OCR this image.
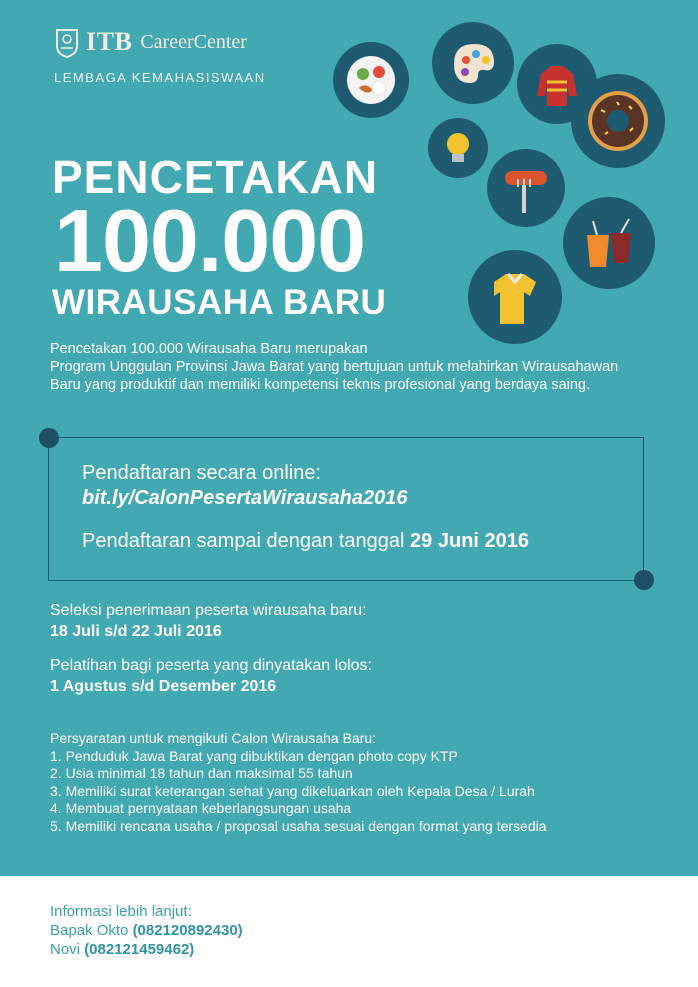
ITB CareerCenter
LEMBAGA KEMAHASISWAAN
PENCETAKAN
100.000
WIRAUSAHA BARU
Pencetakan 100.000 Wirausaha Baru merupakan
Program Unggulan Provinsi Jawa Barat yang bertujuan untuk melahirkan Wirausahawan
Baru yang produktif dan memiliki kompetensi teknis profesional yang berdaya saing.
Pendaftaran secara online:
bit.ly/CalonPesertaWirausaha2016
Pendaftaran sampai dengan tanggal 29 Juni 2016
Seleksi penerimaan peserta wirausaha baru:
18 Juli s/d 22 Juli 2016
Pelatihan bagi peserta yang dinyatakan lolos:
1 Agustus s/d Desember 2016
Persyaratan untuk mengikuti Calon Wirausaha Baru:
1. Penduduk Jawa Barat yang dibuktikan dengan photo copy KTP
2. Usia minimal 18 tahun dan maksimal 55 tahun
3. Memiliki surat keterangan sehat yang dikeluarkan oleh Kepala Desa / Lurah
4. Membuat pernyataan keberlangsungan usaha
5. Memiliki rencana usaha / proposal usaha sesuai dengan format yang tersedia
Informasi lebih lanjut:
Bapak Okto (082120892430)
Novi (082121459462)
